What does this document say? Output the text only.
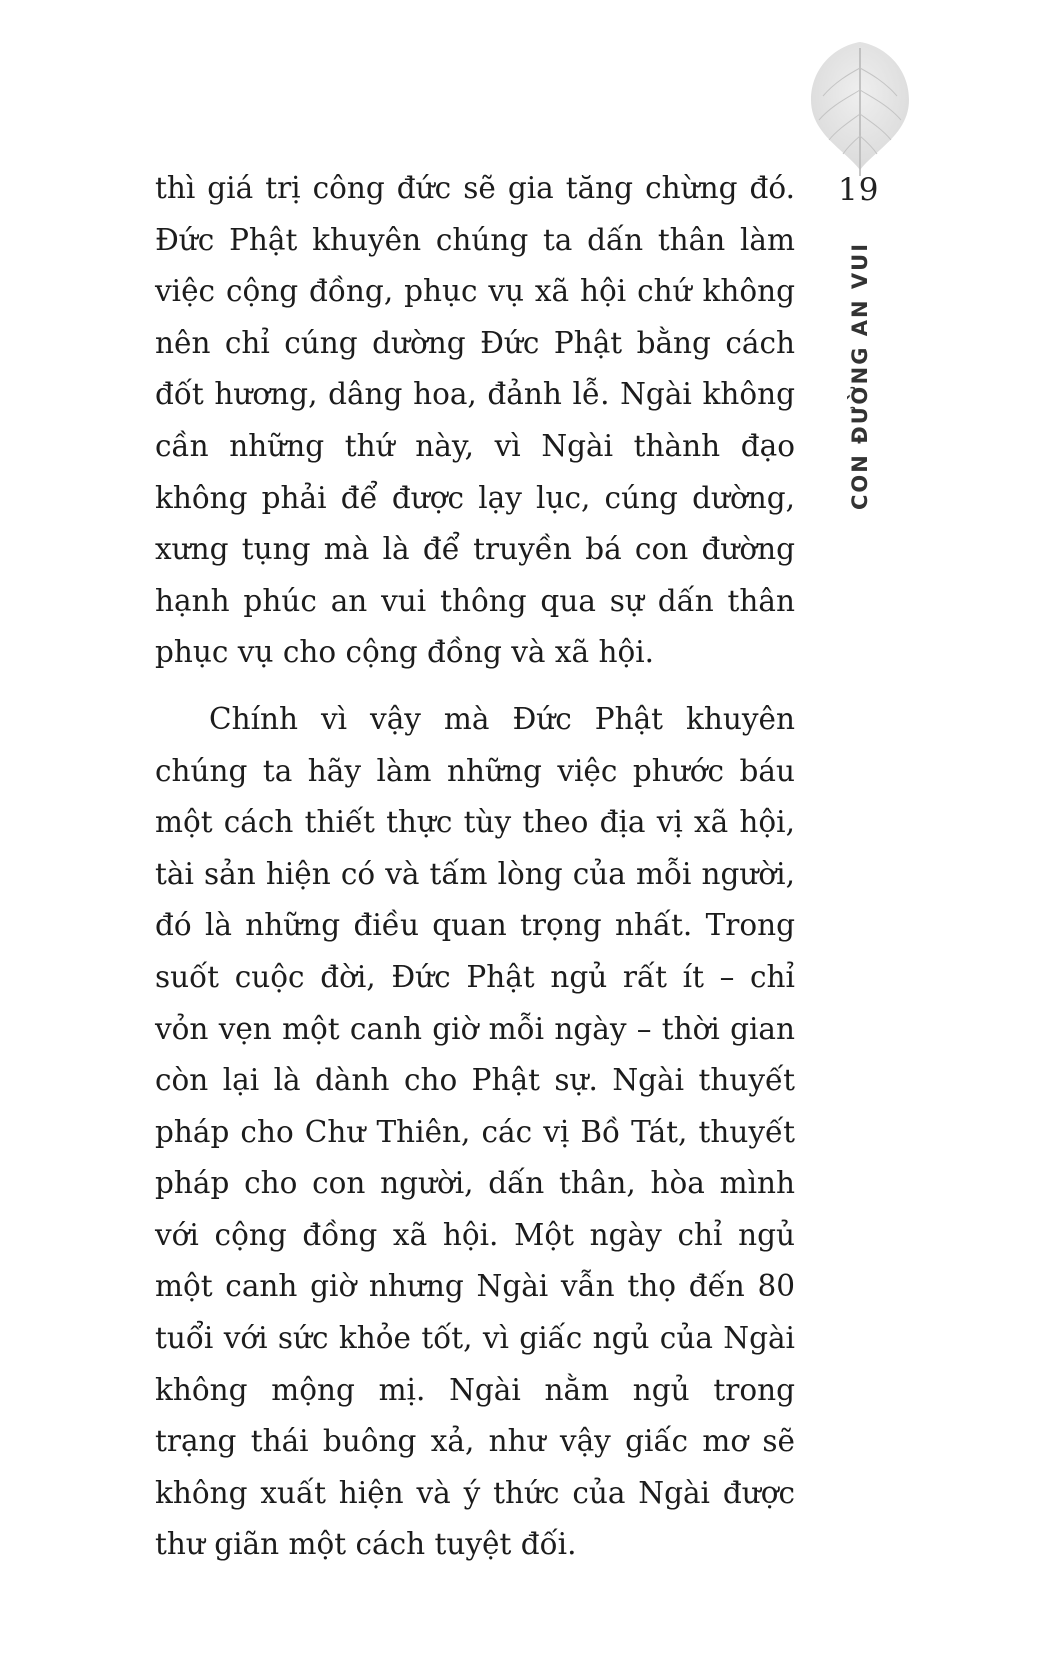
19
CON ĐƯỜNG AN VUI

thì giá trị công đức sẽ gia tăng chừng đó. Đức Phật khuyên chúng ta dấn thân làm việc cộng đồng, phục vụ xã hội chứ không nên chỉ cúng dường Đức Phật bằng cách đốt hương, dâng hoa, đảnh lễ. Ngài không cần những thứ này, vì Ngài thành đạo không phải để được lạy lục, cúng dường, xưng tụng mà là để truyền bá con đường hạnh phúc an vui thông qua sự dấn thân phục vụ cho cộng đồng và xã hội.

Chính vì vậy mà Đức Phật khuyên chúng ta hãy làm những việc phước báu một cách thiết thực tùy theo địa vị xã hội, tài sản hiện có và tấm lòng của mỗi người, đó là những điều quan trọng nhất. Trong suốt cuộc đời, Đức Phật ngủ rất ít – chỉ vỏn vẹn một canh giờ mỗi ngày – thời gian còn lại là dành cho Phật sự. Ngài thuyết pháp cho Chư Thiên, các vị Bồ Tát, thuyết pháp cho con người, dấn thân, hòa mình với cộng đồng xã hội. Một ngày chỉ ngủ một canh giờ nhưng Ngài vẫn thọ đến 80 tuổi với sức khỏe tốt, vì giấc ngủ của Ngài không mộng mị. Ngài nằm ngủ trong trạng thái buông xả, như vậy giấc mơ sẽ không xuất hiện và ý thức của Ngài được thư giãn một cách tuyệt đối.
